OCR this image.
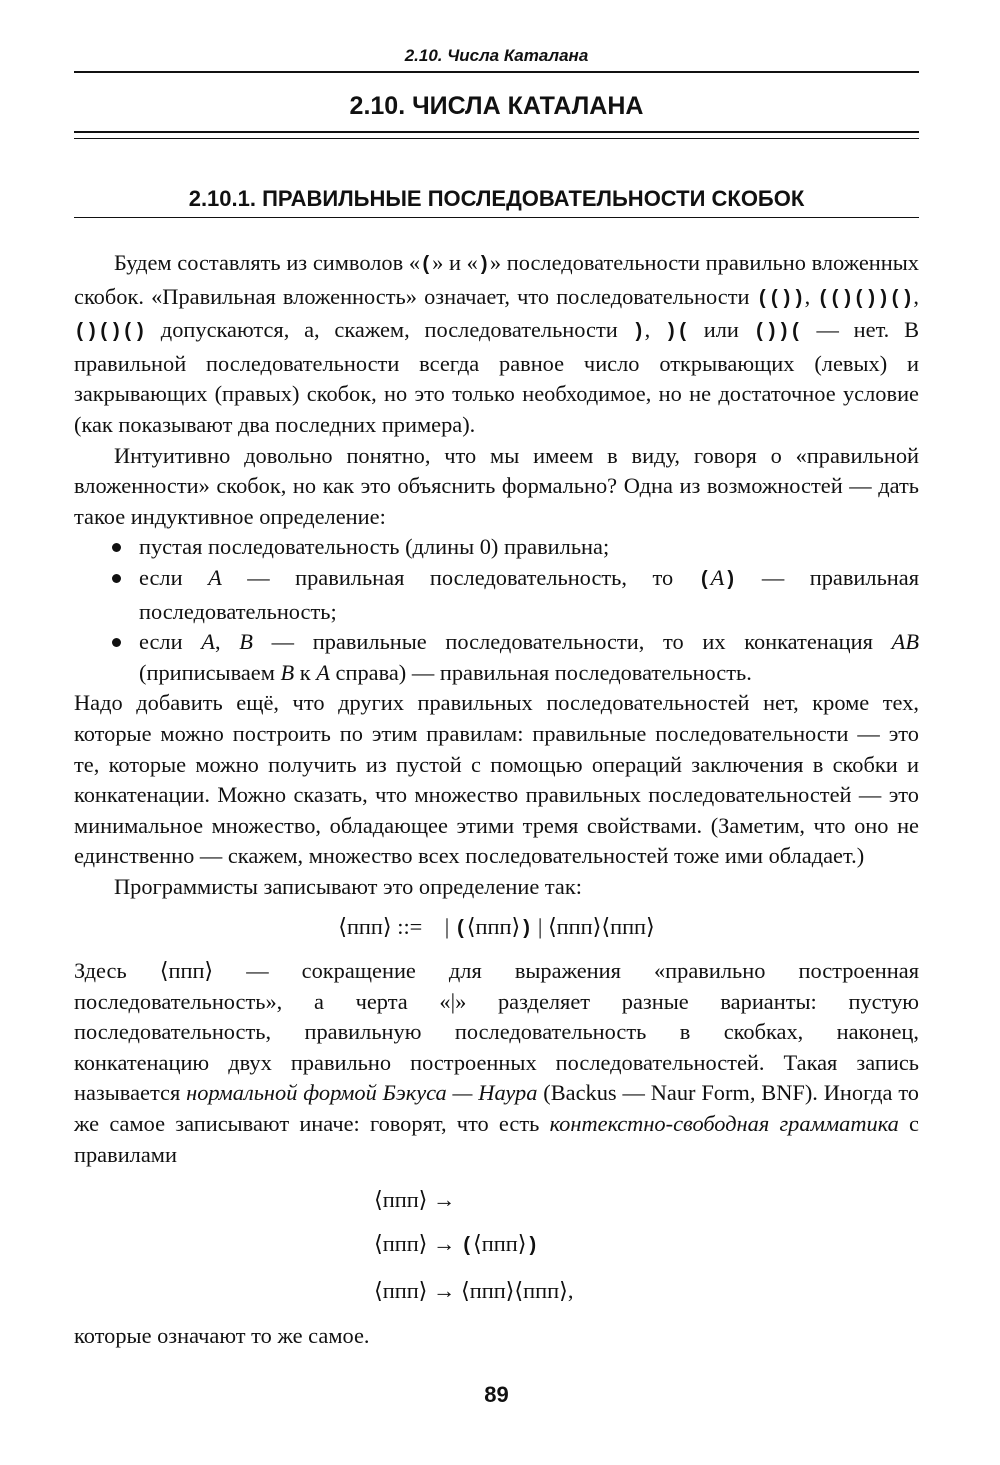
2.10. Числа Каталана
2.10. ЧИСЛА КАТАЛАНА
2.10.1. ПРАВИЛЬНЫЕ ПОСЛЕДОВАТЕЛЬНОСТИ СКОБОК

Будем составлять из символов «(» и «)» последовательности правильно вложенных скобок. «Правильная вложенность» означает, что последовательности (()), (()())(), ()()() допускаются, а, скажем, последовательности ), )( или ())( — нет. В правильной последовательности всегда равное число открывающих (левых) и закрывающих (правых) скобок, но это только необходимое, но не достаточное условие (как показывают два последних примера).

Интуитивно довольно понятно, что мы имеем в виду, говоря о «правильной вложенности» скобок, но как это объяснить формально? Одна из возможностей — дать такое индуктивное определение:

пустая последовательность (длины 0) правильна;
если A — правильная последовательность, то (A) — правильная последовательность;
если A, B — правильные последовательности, то их конкатенация AB (приписываем B к A справа) — правильная последовательность.

Надо добавить ещё, что других правильных последовательностей нет, кроме тех, которые можно построить по этим правилам: правильные последовательности — это те, которые можно получить из пустой с помощью операций заключения в скобки и конкатенации. Можно сказать, что множество правильных последовательностей — это минимальное множество, обладающее этими тремя свойствами. (Заметим, что оно не единственно — скажем, множество всех последовательностей тоже ими обладает.)

Программисты записывают это определение так:

⟨ппп⟩ ::= | (⟨ппп⟩) | ⟨ппп⟩⟨ппп⟩

Здесь ⟨ппп⟩ — сокращение для выражения «правильно построенная последовательность», а черта «|» разделяет разные варианты: пустую последовательность, правильную последовательность в скобках, наконец, конкатенацию двух правильно построенных последовательностей. Такая запись называется нормальной формой Бэкуса — Наура (Backus — Naur Form, BNF). Иногда то же самое записывают иначе: говорят, что есть контекстно-свободная грамматика с правилами

⟨ппп⟩ →
⟨ппп⟩ → (⟨ппп⟩)
⟨ппп⟩ → ⟨ппп⟩⟨ппп⟩,

которые означают то же самое.

89
